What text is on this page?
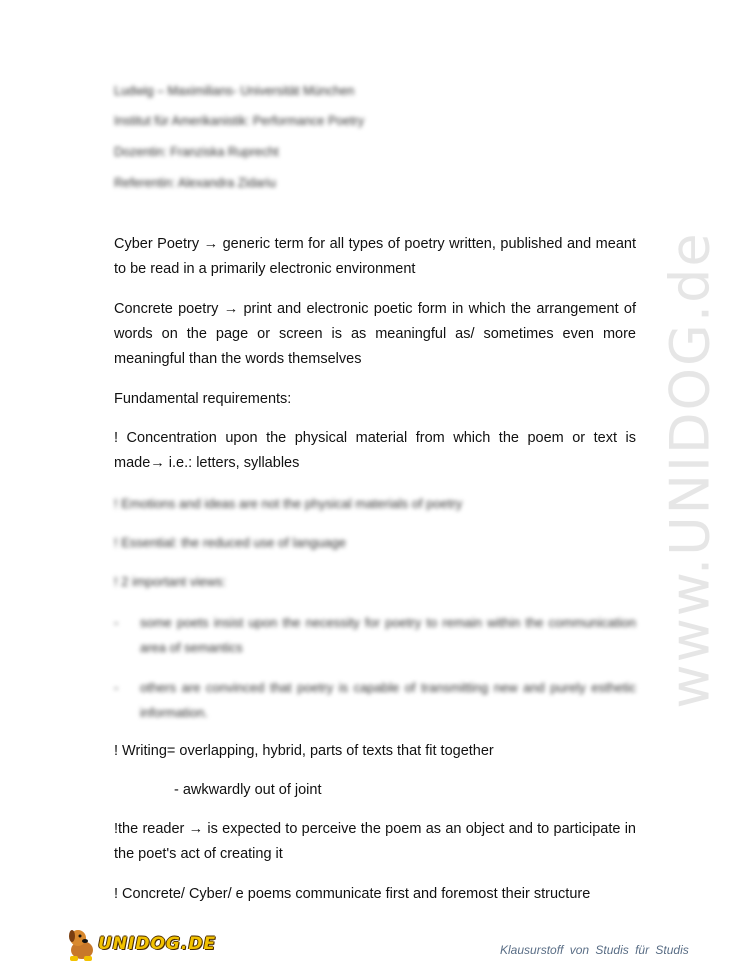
www.UNIDOG.de
Ludwig – Maximilians- Universität München
Institut für Amerikanistik: Performance Poetry
Dozentin: Franziska Ruprecht
Referentin: Alexandra Zidariu
Cyber Poetry → generic term for all types of poetry written, published and meant to be read in a primarily electronic environment
Concrete poetry → print and electronic poetic form in which the arrangement of words on the page or screen is as meaningful as/ sometimes even more meaningful than the words themselves
Fundamental requirements:
! Concentration upon the physical material from which the poem or text is made→ i.e.: letters, syllables
! Emotions and ideas are not the physical materials of poetry
! Essential: the reduced use of language
! 2 important views:
- some poets insist upon the necessity for poetry to remain within the communication area of semantics
- others are convinced that poetry is capable of transmitting new and purely esthetic information.
! Writing= overlapping, hybrid, parts of texts that fit together
- awkwardly out of joint
!the reader → is expected to perceive the poem as an object and to participate in the poet's act of creating it
! Concrete/ Cyber/ e poems communicate first and foremost their structure
UNIDOG.DE	Klausurstoff von Studis für Studis
